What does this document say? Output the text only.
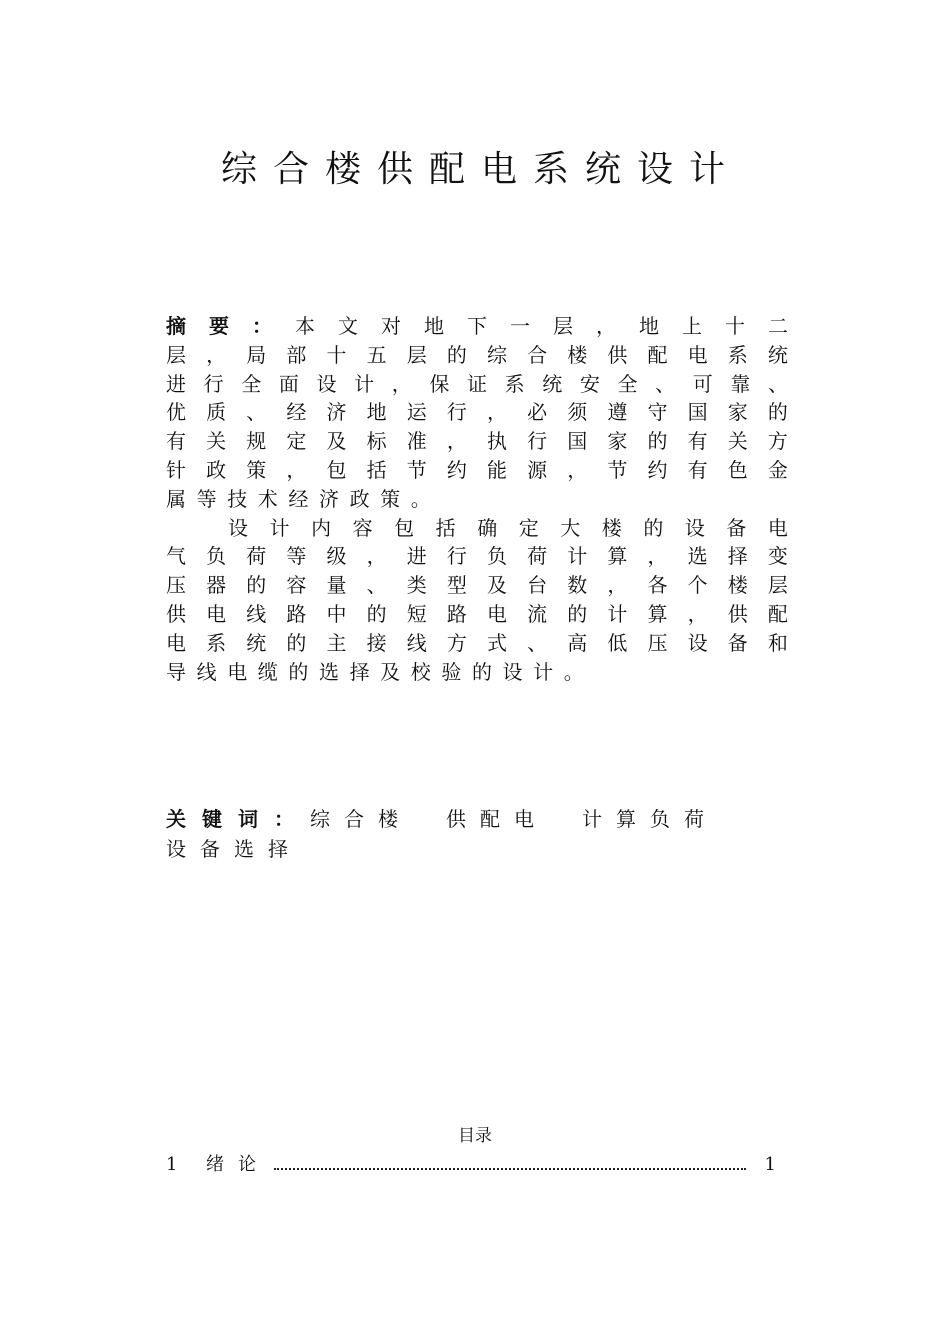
综合楼供配电系统设计
摘 要 ： 本 文 对 地 下 一 层 ， 地 上 十 二
层 ， 局 部 十 五 层 的 综 合 楼 供 配 电 系 统
进 行 全 面 设 计 ， 保 证 系 统 安 全 、 可 靠 、
优 质 、 经 济 地 运 行 ， 必 须 遵 守 国 家 的
有 关 规 定 及 标 准 ， 执 行 国 家 的 有 关 方
针 政 策 ， 包 括 节 约 能 源 ， 节 约 有 色 金
属 等 技 术 经 济 政 策 。
设 计 内 容 包 括 确 定 大 楼 的 设 备 电
气 负 荷 等 级 ， 进 行 负 荷 计 算 ， 选 择 变
压 器 的 容 量 、 类 型 及 台 数 ， 各 个 楼 层
供 电 线 路 中 的 短 路 电 流 的 计 算 ， 供 配
电 系 统 的 主 接 线 方 式 、 高 低 压 设 备 和
导 线 电 缆 的 选 择 及 校 验 的 设 计 。
关键词：综合楼　供配电　计算负荷
设备选择
目录
1	绪论	1
